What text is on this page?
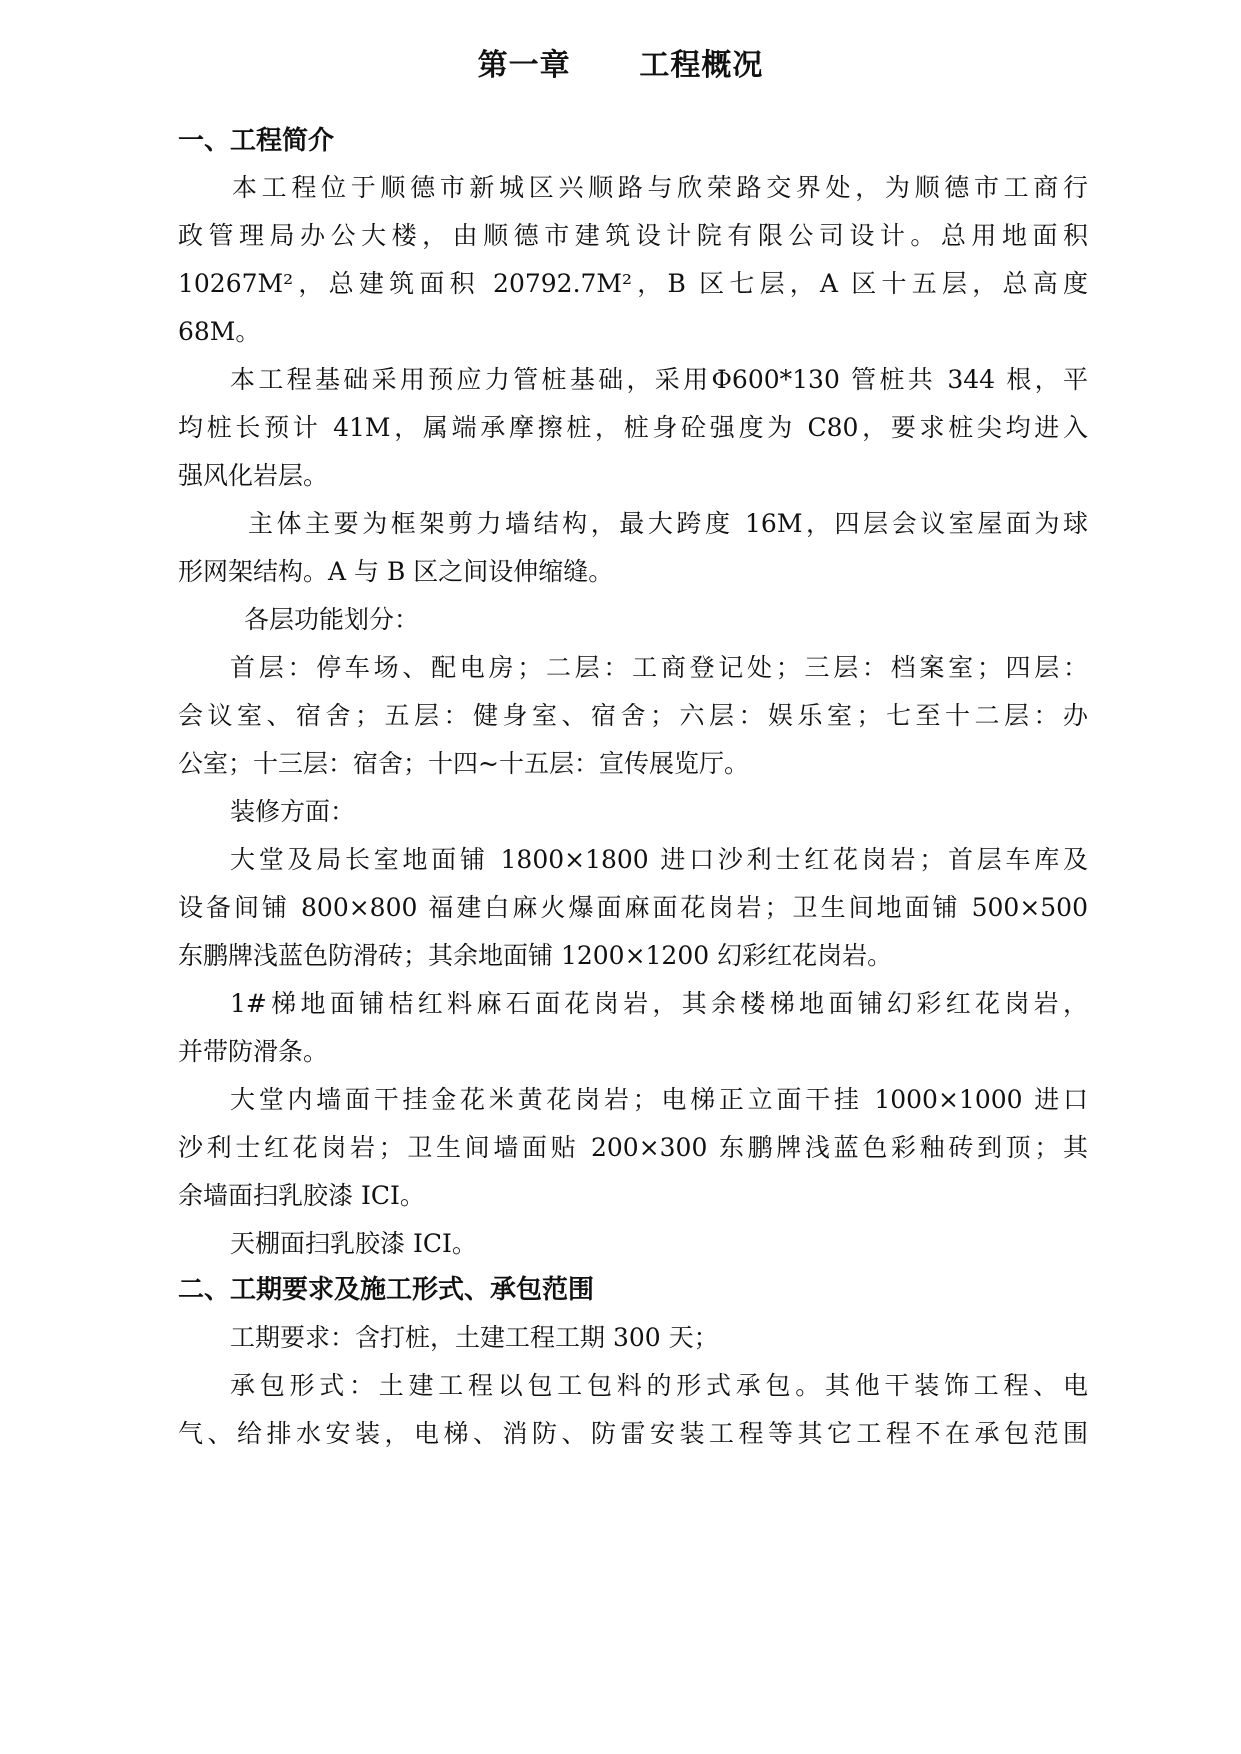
第一章      工程概况
一、工程简介
本工程位于顺德市新城区兴顺路与欣荣路交界处，为顺德市工商行
政管理局办公大楼，由顺德市建筑设计院有限公司设计。总用地面积
10267M²，总建筑面积 20792.7M²，B 区七层，A 区十五层，总高度
68M。
本工程基础采用预应力管桩基础，采用Φ600*130 管桩共 344 根，平
均桩长预计 41M，属端承摩擦桩，桩身砼强度为 C80，要求桩尖均进入
强风化岩层。
主体主要为框架剪力墙结构，最大跨度 16M，四层会议室屋面为球
形网架结构。A 与 B 区之间设伸缩缝。
各层功能划分：
首层：停车场、配电房；二层：工商登记处；三层：档案室；四层：
会议室、宿舍；五层：健身室、宿舍；六层：娱乐室；七至十二层：办
公室；十三层：宿舍；十四~十五层：宣传展览厅。
装修方面：
大堂及局长室地面铺 1800×1800 进口沙利士红花岗岩；首层车库及
设备间铺 800×800 福建白麻火爆面麻面花岗岩；卫生间地面铺 500×500
东鹏牌浅蓝色防滑砖；其余地面铺 1200×1200 幻彩红花岗岩。
1#梯地面铺桔红料麻石面花岗岩，其余楼梯地面铺幻彩红花岗岩，
并带防滑条。
大堂内墙面干挂金花米黄花岗岩；电梯正立面干挂 1000×1000 进口
沙利士红花岗岩；卫生间墙面贴 200×300 东鹏牌浅蓝色彩釉砖到顶；其
余墙面扫乳胶漆 ICI。
天棚面扫乳胶漆 ICI。
二、工期要求及施工形式、承包范围
工期要求：含打桩，土建工程工期 300 天；
承包形式：土建工程以包工包料的形式承包。其他干装饰工程、电
气、给排水安装，电梯、消防、防雷安装工程等其它工程不在承包范围
